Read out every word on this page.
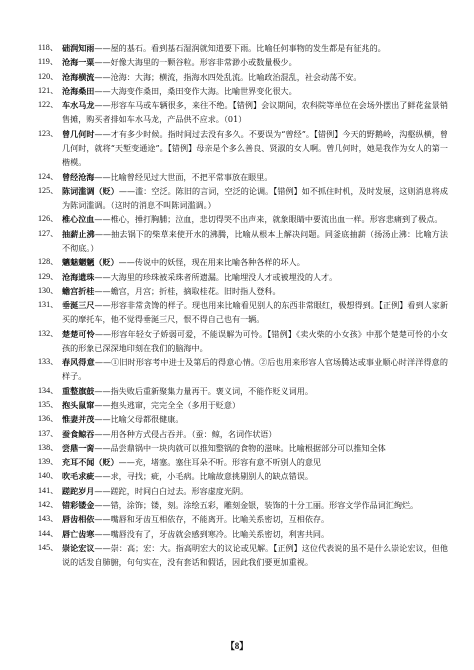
118、 础润知雨——屋的基石。看到基石湿润就知道要下雨。比喻任何事物的发生都是有征兆的。
119、 沧海一粟——好像大海里的一颗谷粒。形容非常渺小或数量极少。
120、 沧海横流——沧海：大海；横流，指海水四处乱流。比喻政治混乱，社会动荡不安。
121、 沧海桑田——大海变作桑田，桑田变作大海。比喻世界变化很大。
122、 车水马龙——形容车马或车辆很多，来往不绝。【错例】会议期间，农科院等单位在会场外摆出了鲜花盆景销售摊，购买者排如车水马龙，产品供不应求。（01）
123、 曾几何时——才有多少时候。指时间过去没有多久。不要误为“曾经”。【错例】今天的野鹅岭，沟壑纵横，曾几何时，就将“天堑变通途”。【错例】母亲是个多么善良、贤淑的女人啊。曾几何时，她是我作为女人的第一楷模。
124、 曾经沧海——比喻曾经见过大世面，不把平常事放在眼里。
125、 陈词滥调（贬）——滥：空泛。陈旧的言词，空泛的论调。【错例】如不抓住时机，及时发展，这则消息将成为陈词滥调。（这时的消息不叫陈词滥调。）
126、 椎心泣血——椎心，捶打胸脯；泣血，悲切得哭不出声来，就象眼睛中要流出血一样。形容悲痛到了极点。
127、 抽薪止沸——抽去锅下的柴草来使开水的沸腾，比喻从根本上解决问题。同釜底抽薪（扬汤止沸：比喻方法不彻底。）
128、 魑魅魍魉（贬）——传说中的妖怪，现在用来比喻各种各样的坏人。
129、 沧海遗珠——大海里的珍珠被采珠者所遗漏。比喻埋没人才或被埋没的人才。
130、 蟾宫折桂——蟾宫，月宫；折桂，摘取桂花。旧时指人登科。
131、 垂涎三尺——形容非常贪馋的样子。现也用来比喻看见别人的东西非常眼红，极想得到。【正例】看到人家新买的摩托车，他不觉得垂涎三尺，恨不得自己也有一辆。
132、 楚楚可怜——形容年轻女子娇弱可爱，不能误解为可怜。【错例】《卖火柴的小女孩》中那个楚楚可怜的小女孩的形象已深深地印刻在我们的脑海中。
133、 春风得意——①旧时形容考中进士及第后的得意心情。②后也用来形容人官场腾达或事业顺心时洋洋得意的样子。
134、 重整旗鼓——指失败后重新聚集力量再干。褒义词，不能作贬义词用。
135、 抱头鼠窜——抱头逃窜，完完全全（多用于贬意）
136、 惟妻并茂——比喻父母都很健康。
137、 蚕食鲸吞——用各种方式侵占吞并。（蚕：鲸，名词作状语）
138、 尝鼎一脔——品尝鼎锅中一块肉就可以推知整锅的食物的滋味。比喻根据部分可以推知全体
139、 充耳不闻（贬）——充，堵塞。塞住耳朵不听。形容有意不听别人的意见
140、 吹毛求疵——求，寻找；疵，小毛病。比喻故意挑剔别人的缺点错误。
141、 蹉跎岁月——蹉跎，时间白白过去。形容虚度光阴。
142、 错彩镂金——错，涂饰；镂，刻。涂绘五彩，雕刻金银，装饰的十分工丽。形容文学作品词汇绚烂。
143、 唇齿相依——嘴唇和牙齿互相依存，不能离开。比喻关系密切，互相依存。
144、 唇亡齿寒——嘴唇没有了，牙齿就会感到寒冷。比喻关系密切，利害共同。
145、 崇论宏议——崇：高；宏：大。指高明宏大的议论或见解。【正例】这位代表说的虽不是什么崇论宏议，但他说的话发自肺腑，句句实在，没有套话和假话，因此我们要更加重视。
【8】
